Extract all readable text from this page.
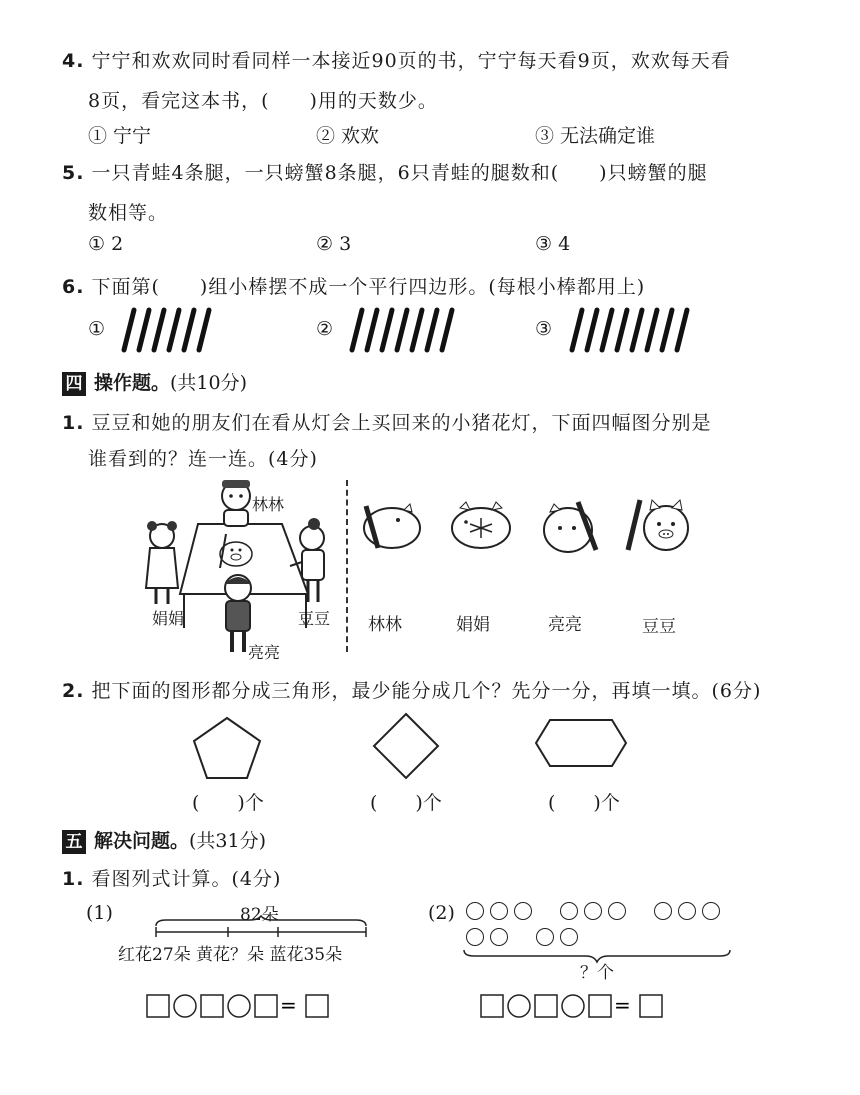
4. 宁宁和欢欢同时看同样一本接近90页的书，宁宁每天看9页，欢欢每天看
8页，看完这本书，(　　)用的天数少。
① 宁宁	② 欢欢	③ 无法确定谁
5. 一只青蛙4条腿，一只螃蟹8条腿，6只青蛙的腿数和(　　)只螃蟹的腿
数相等。
① 2	② 3	③ 4
6. 下面第(　　)组小棒摆不成一个平行四边形。(每根小棒都用上)
①	②	③
四 操作题。(共10分)
1. 豆豆和她的朋友们在看从灯会上买回来的小猪花灯，下面四幅图分别是
谁看到的？连一连。(4分)
林林
娟娟	豆豆
亮亮
林林	娟娟	亮亮	豆豆
2. 把下面的图形都分成三角形，最少能分成几个？先分一分，再填一填。(6分)
(　　)个	(　　)个	(　　)个
五 解决问题。(共31分)
1. 看图列式计算。(4分)
(1)	82朵
红花27朵 黄花？朵 蓝花35朵
(2)
？个
=	=
